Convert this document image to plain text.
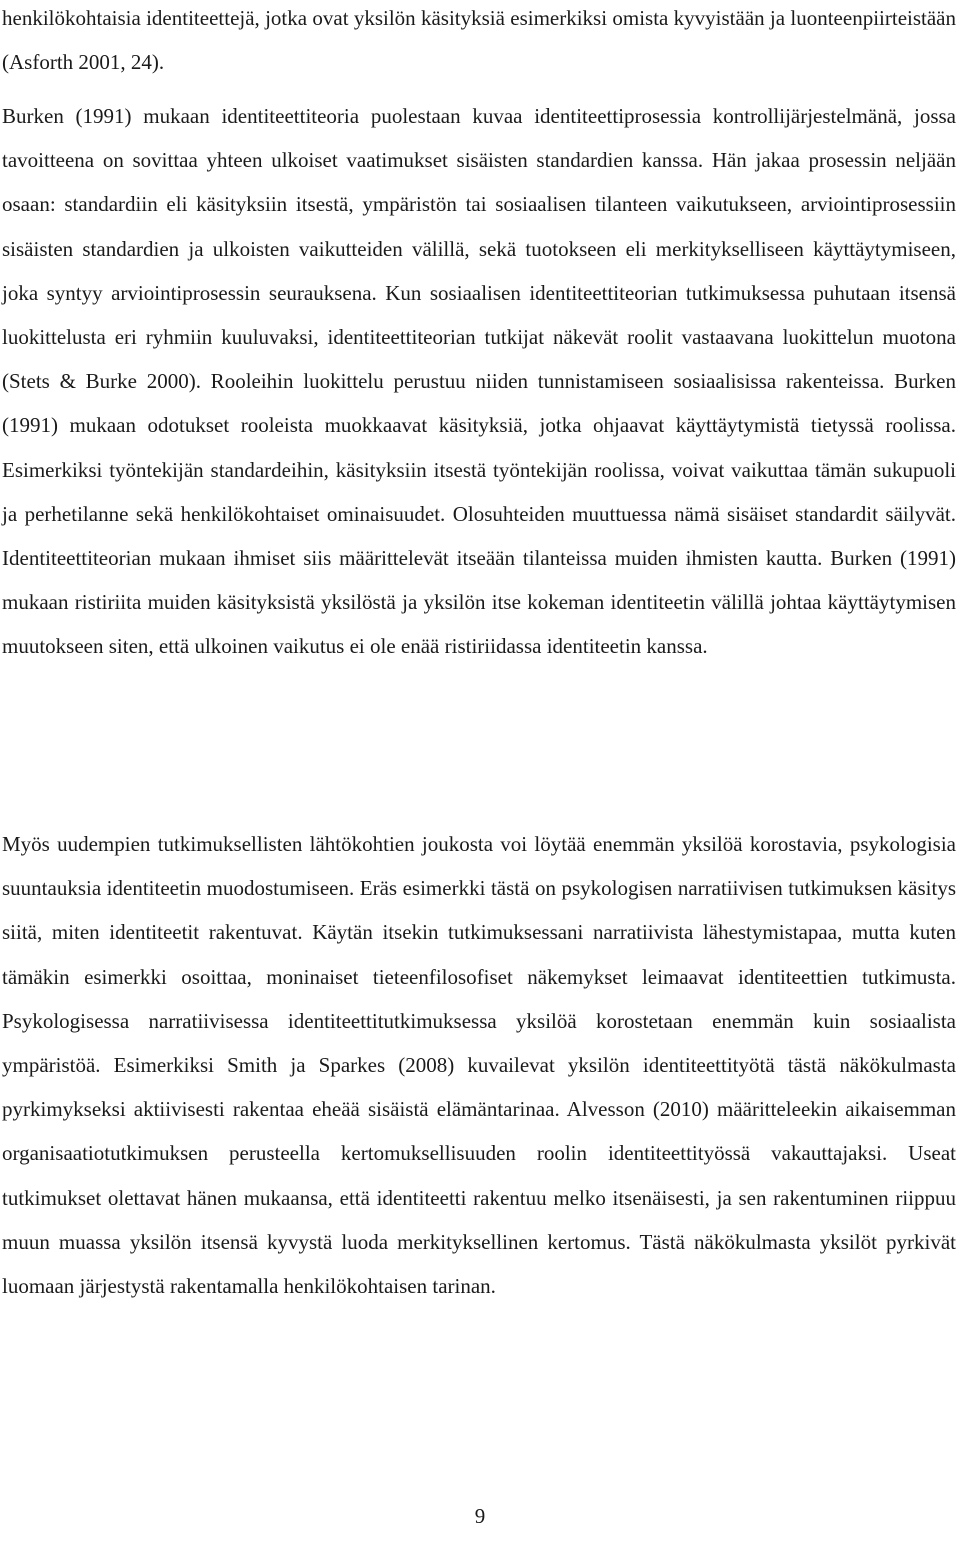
henkilökohtaisia identiteettejä, jotka ovat yksilön käsityksiä esimerkiksi omista kyvyistään ja luonteenpiirteistään (Asforth 2001, 24).

Burken (1991) mukaan identiteettiteoria puolestaan kuvaa identiteettiprosessia kontrollijärjestelmänä, jossa tavoitteena on sovittaa yhteen ulkoiset vaatimukset sisäisten standardien kanssa. Hän jakaa prosessin neljään osaan: standardiin eli käsityksiin itsestä, ympäristön tai sosiaalisen tilanteen vaikutukseen, arviointiprosessiin sisäisten standardien ja ulkoisten vaikutteiden välillä, sekä tuotokseen eli merkitykselliseen käyttäytymiseen, joka syntyy arviointiprosessin seurauksena. Kun sosiaalisen identiteettiteorian tutkimuksessa puhutaan itsensä luokittelusta eri ryhmiin kuuluvaksi, identiteettiteorian tutkijat näkevät roolit vastaavana luokittelun muotona (Stets & Burke 2000). Rooleihin luokittelu perustuu niiden tunnistamiseen sosiaalisissa rakenteissa. Burken (1991) mukaan odotukset rooleista muokkaavat käsityksiä, jotka ohjaavat käyttäytymistä tietyssä roolissa. Esimerkiksi työntekijän standardeihin, käsityksiin itsestä työntekijän roolissa, voivat vaikuttaa tämän sukupuoli ja perhetilanne sekä henkilökohtaiset ominaisuudet. Olosuhteiden muuttuessa nämä sisäiset standardit säilyvät. Identiteettiteorian mukaan ihmiset siis määrittelevät itseään tilanteissa muiden ihmisten kautta. Burken (1991) mukaan ristiriita muiden käsityksistä yksilöstä ja yksilön itse kokeman identiteetin välillä johtaa käyttäytymisen muutokseen siten, että ulkoinen vaikutus ei ole enää ristiriidassa identiteetin kanssa.

Myös uudempien tutkimuksellisten lähtökohtien joukosta voi löytää enemmän yksilöä korostavia, psykologisia suuntauksia identiteetin muodostumiseen. Eräs esimerkki tästä on psykologisen narratiivisen tutkimuksen käsitys siitä, miten identiteetit rakentuvat. Käytän itsekin tutkimuksessani narratiivista lähestymistapaa, mutta kuten tämäkin esimerkki osoittaa, moninaiset tieteenfilosofiset näkemykset leimaavat identiteettien tutkimusta. Psykologisessa narratiivisessa identiteettitutkimuksessa yksilöä korostetaan enemmän kuin sosiaalista ympäristöä. Esimerkiksi Smith ja Sparkes (2008) kuvailevat yksilön identiteettityötä tästä näkökulmasta pyrkimykseksi aktiivisesti rakentaa eheää sisäistä elämäntarinaa. Alvesson (2010) määritteleekin aikaisemman organisaatiotutkimuksen perusteella kertomuksellisuuden roolin identiteettityössä vakauttajaksi. Useat tutkimukset olettavat hänen mukaansa, että identiteetti rakentuu melko itsenäisesti, ja sen rakentuminen riippuu muun muassa yksilön itsensä kyvystä luoda merkityksellinen kertomus. Tästä näkökulmasta yksilöt pyrkivät luomaan järjestystä rakentamalla henkilökohtaisen tarinan.

9
